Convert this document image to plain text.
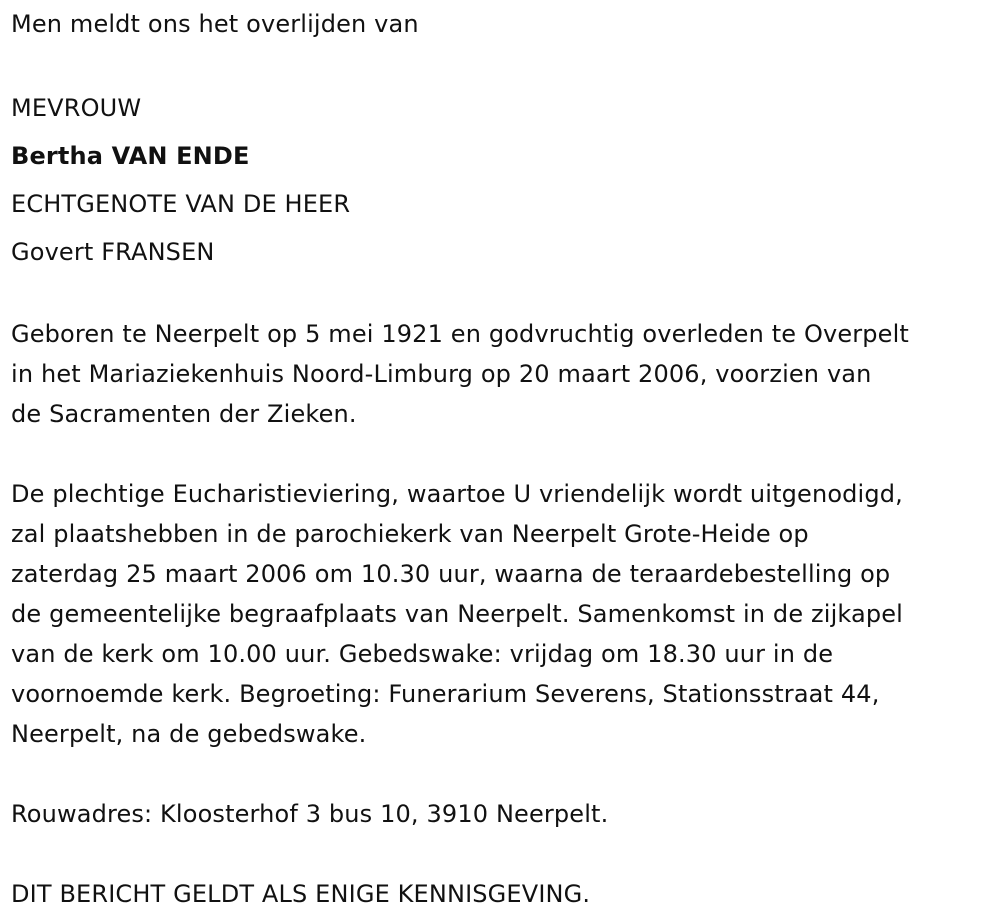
Men meldt ons het overlijden van

MEVROUW

Bertha VAN ENDE

ECHTGENOTE VAN DE HEER

Govert FRANSEN

Geboren te Neerpelt op 5 mei 1921 en godvruchtig overleden te Overpelt

in het Mariaziekenhuis Noord-Limburg op 20 maart 2006, voorzien van

de Sacramenten der Zieken.

De plechtige Eucharistieviering, waartoe U vriendelijk wordt uitgenodigd,

zal plaatshebben in de parochiekerk van Neerpelt Grote-Heide op

zaterdag 25 maart 2006 om 10.30 uur, waarna de teraardebestelling op

de gemeentelijke begraafplaats van Neerpelt. Samenkomst in de zijkapel

van de kerk om 10.00 uur. Gebedswake: vrijdag om 18.30 uur in de

voornoemde kerk. Begroeting: Funerarium Severens, Stationsstraat 44,

Neerpelt, na de gebedswake.

Rouwadres: Kloosterhof 3 bus 10, 3910 Neerpelt.

DIT BERICHT GELDT ALS ENIGE KENNISGEVING.
